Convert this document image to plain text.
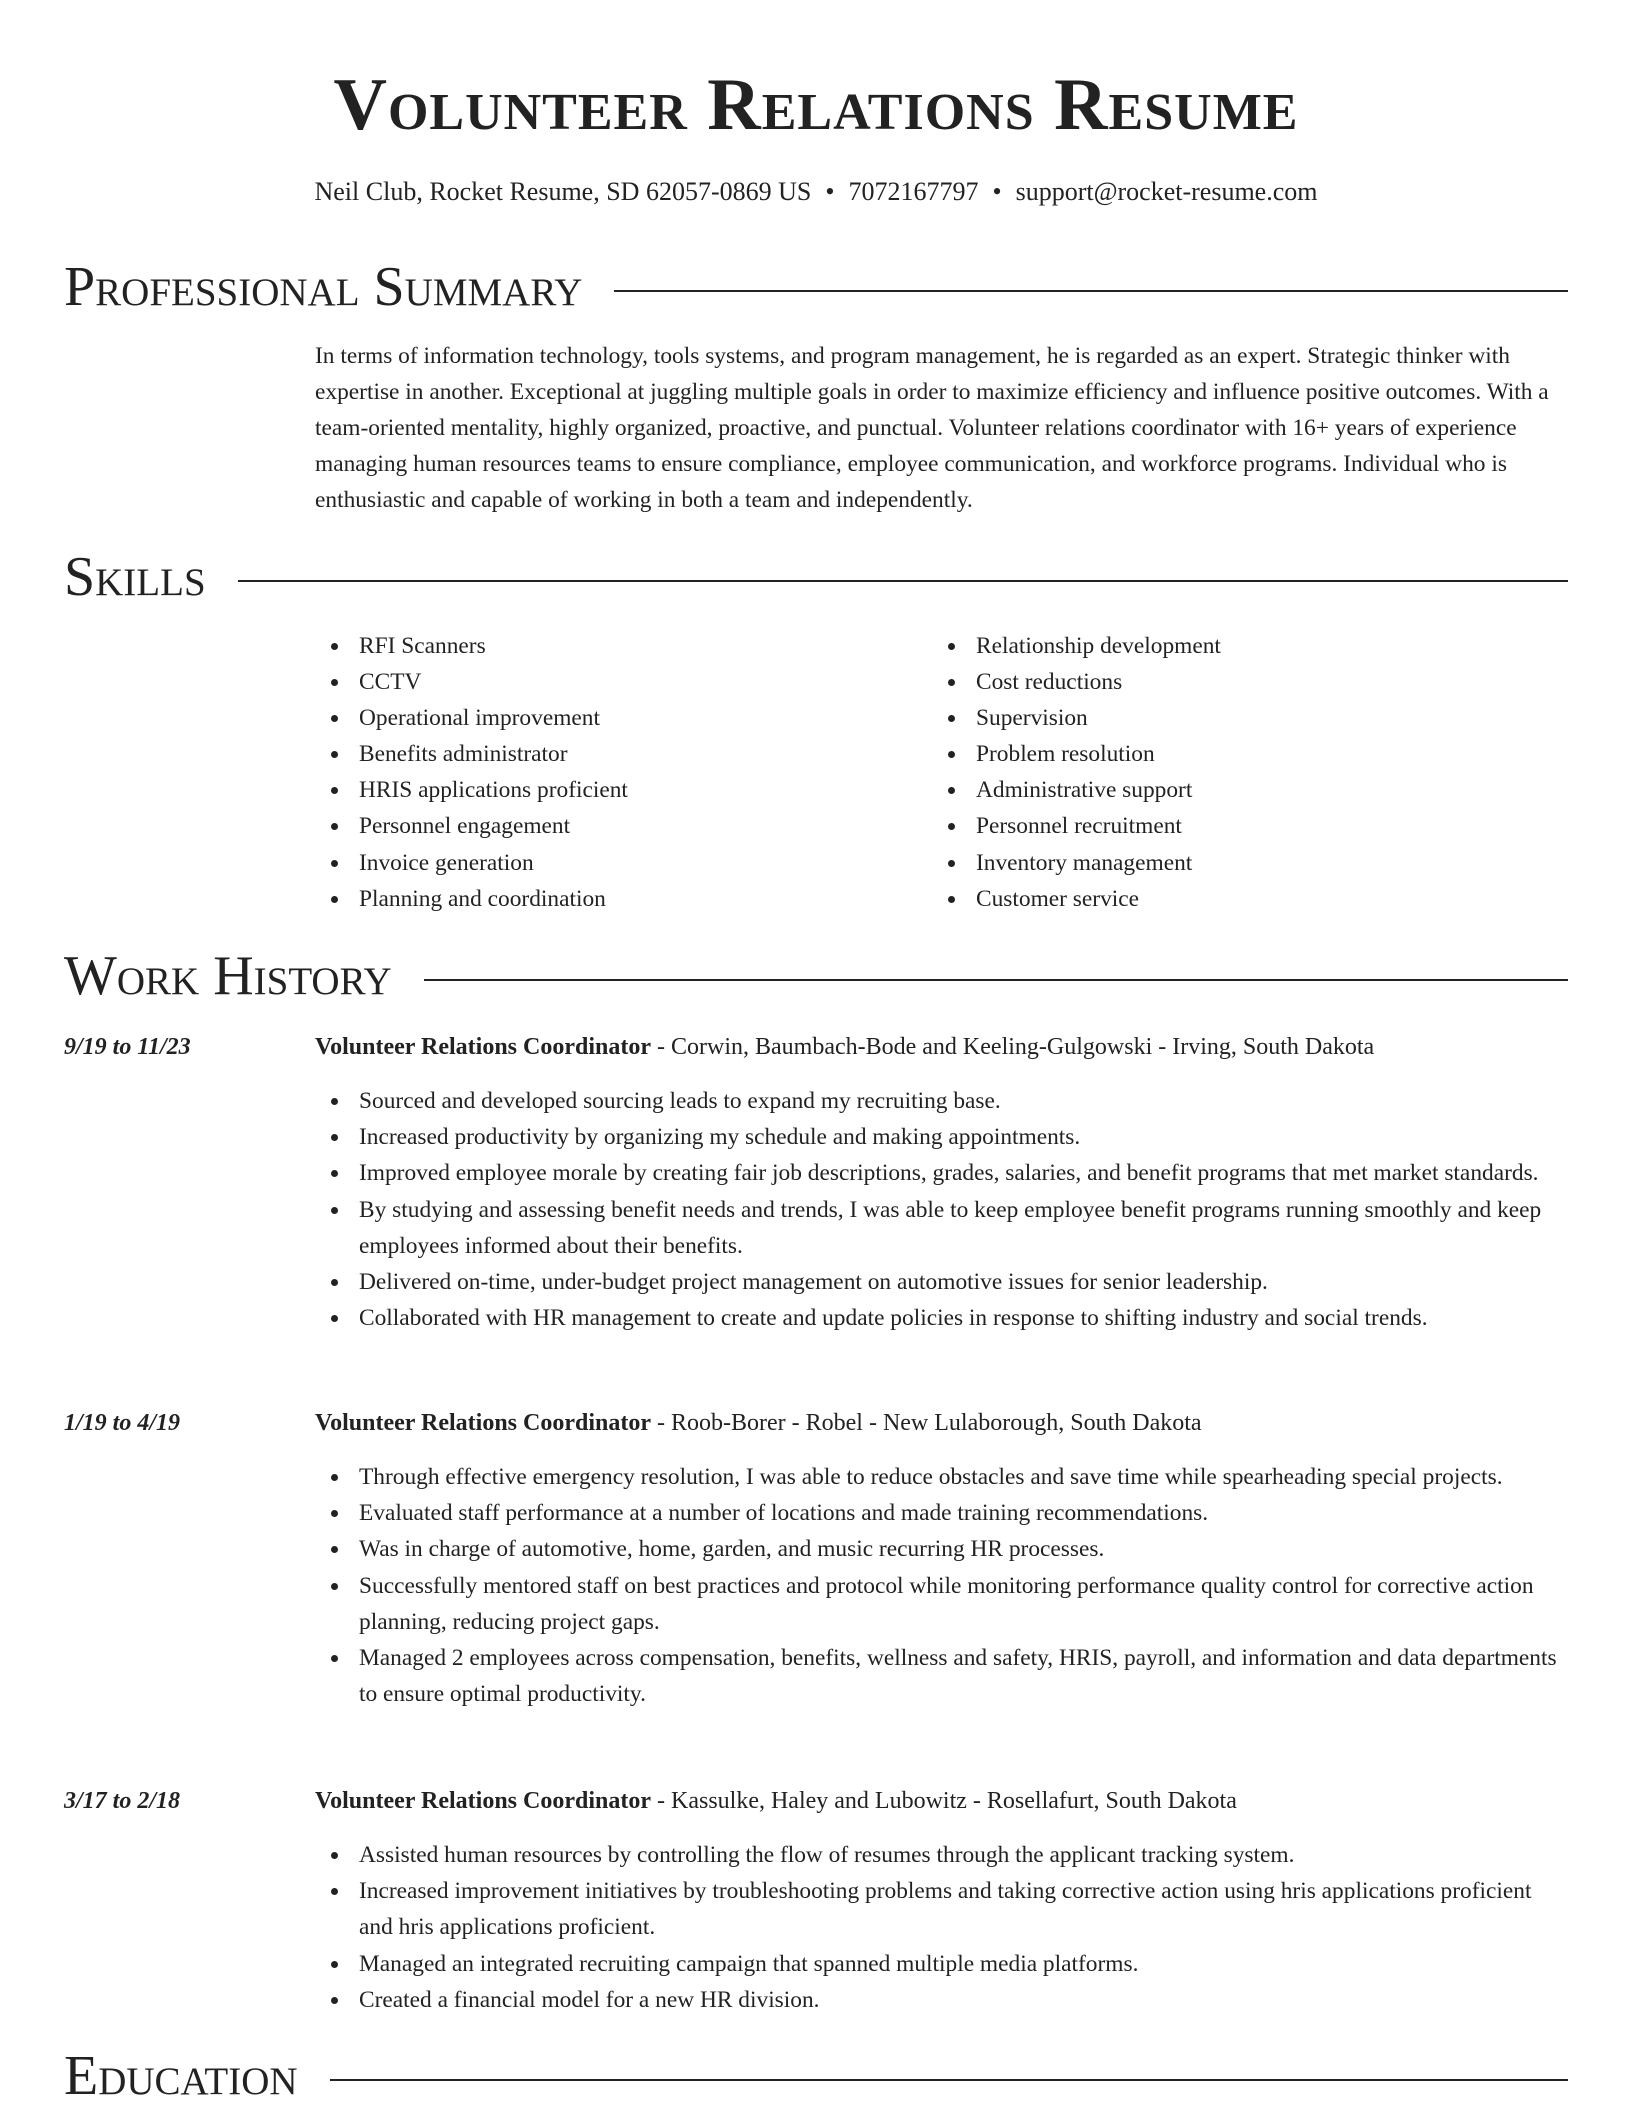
Volunteer Relations Resume
Neil Club, Rocket Resume, SD 62057-0869 US • 7072167797 • support@rocket-resume.com
Professional Summary

In terms of information technology, tools systems, and program management, he is regarded as an expert. Strategic thinker with expertise in another. Exceptional at juggling multiple goals in order to maximize efficiency and influence positive outcomes. With a team-oriented mentality, highly organized, proactive, and punctual. Volunteer relations coordinator with 16+ years of experience managing human resources teams to ensure compliance, employee communication, and workforce programs. Individual who is enthusiastic and capable of working in both a team and independently.

Skills
RFI Scanners
CCTV
Operational improvement
Benefits administrator
HRIS applications proficient
Personnel engagement
Invoice generation
Planning and coordination
Relationship development
Cost reductions
Supervision
Problem resolution
Administrative support
Personnel recruitment
Inventory management
Customer service
Work History
9/19 to 11/23	Volunteer Relations Coordinator - Corwin, Baumbach-Bode and Keeling-Gulgowski - Irving, South Dakota
Sourced and developed sourcing leads to expand my recruiting base.
Increased productivity by organizing my schedule and making appointments.
Improved employee morale by creating fair job descriptions, grades, salaries, and benefit programs that met market standards.
By studying and assessing benefit needs and trends, I was able to keep employee benefit programs running smoothly and keep employees informed about their benefits.
Delivered on-time, under-budget project management on automotive issues for senior leadership.
Collaborated with HR management to create and update policies in response to shifting industry and social trends.
1/19 to 4/19	Volunteer Relations Coordinator - Roob-Borer - Robel - New Lulaborough, South Dakota
Through effective emergency resolution, I was able to reduce obstacles and save time while spearheading special projects.
Evaluated staff performance at a number of locations and made training recommendations.
Was in charge of automotive, home, garden, and music recurring HR processes.
Successfully mentored staff on best practices and protocol while monitoring performance quality control for corrective action planning, reducing project gaps.
Managed 2 employees across compensation, benefits, wellness and safety, HRIS, payroll, and information and data departments to ensure optimal productivity.
3/17 to 2/18	Volunteer Relations Coordinator - Kassulke, Haley and Lubowitz - Rosellafurt, South Dakota
Assisted human resources by controlling the flow of resumes through the applicant tracking system.
Increased improvement initiatives by troubleshooting problems and taking corrective action using hris applications proficient and hris applications proficient.
Managed an integrated recruiting campaign that spanned multiple media platforms.
Created a financial model for a new HR division.
Education
